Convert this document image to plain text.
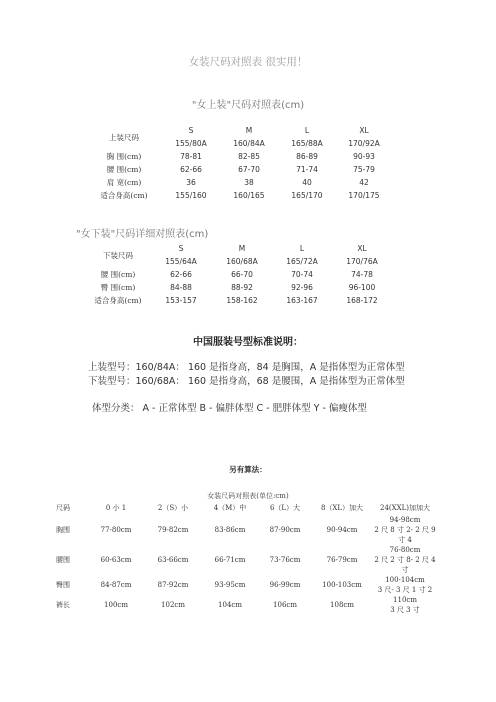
女装尺码对照表 很实用！
"女上装"尺码对照表(cm)
上装尺码	S	M	L	XL
	155/80A	160/84A	165/88A	170/92A
胸 围(cm)	78-81	82-85	86-89	90-93
腰 围(cm)	62-66	67-70	71-74	75-79
肩 宽(cm)	36	38	40	42
适合身高(cm)	155/160	160/165	165/170	170/175
"女下装"尺码详细对照表(cm)
下装尺码	S	M	L	XL
	155/64A	160/68A	165/72A	170/76A
腰 围(cm)	62-66	66-70	70-74	74-78
臀 围(cm)	84-88	88-92	92-96	96-100
适合身高(cm)	153-157	158-162	163-167	168-172
中国服装号型标准说明：
上装型号：160/84A： 160 是指身高，84 是胸围，A 是指体型为正常体型
下装型号：160/68A： 160 是指身高，68 是腰围，A 是指体型为正常体型
体型分类： A - 正常体型 B - 偏胖体型 C - 肥胖体型 Y - 偏瘦体型
另有算法：
女装尺码对照表(单位:cm)
尺码	0 小 1	2（S）小	4（M）中	6（L）大	8（XL）加大	24(XXL)加加大
胸围	77-80cm	79-82cm	83-86cm	87-90cm	90-94cm	94-98cm
2 尺 8 寸 2- 2 尺 9
寸 4

腰围	60-63cm	63-66cm	66-71cm	73-76cm	76-79cm	76-80cm
2 尺 2 寸 8- 2 尺 4
寸

臀围	84-87cm	87-92cm	93-95cm	96-99cm	100-103cm	100-104cm
3 尺- 3 尺 1 寸 2

裤长	100cm	102cm	104cm	106cm	108cm	110cm
3 尺 3 寸
